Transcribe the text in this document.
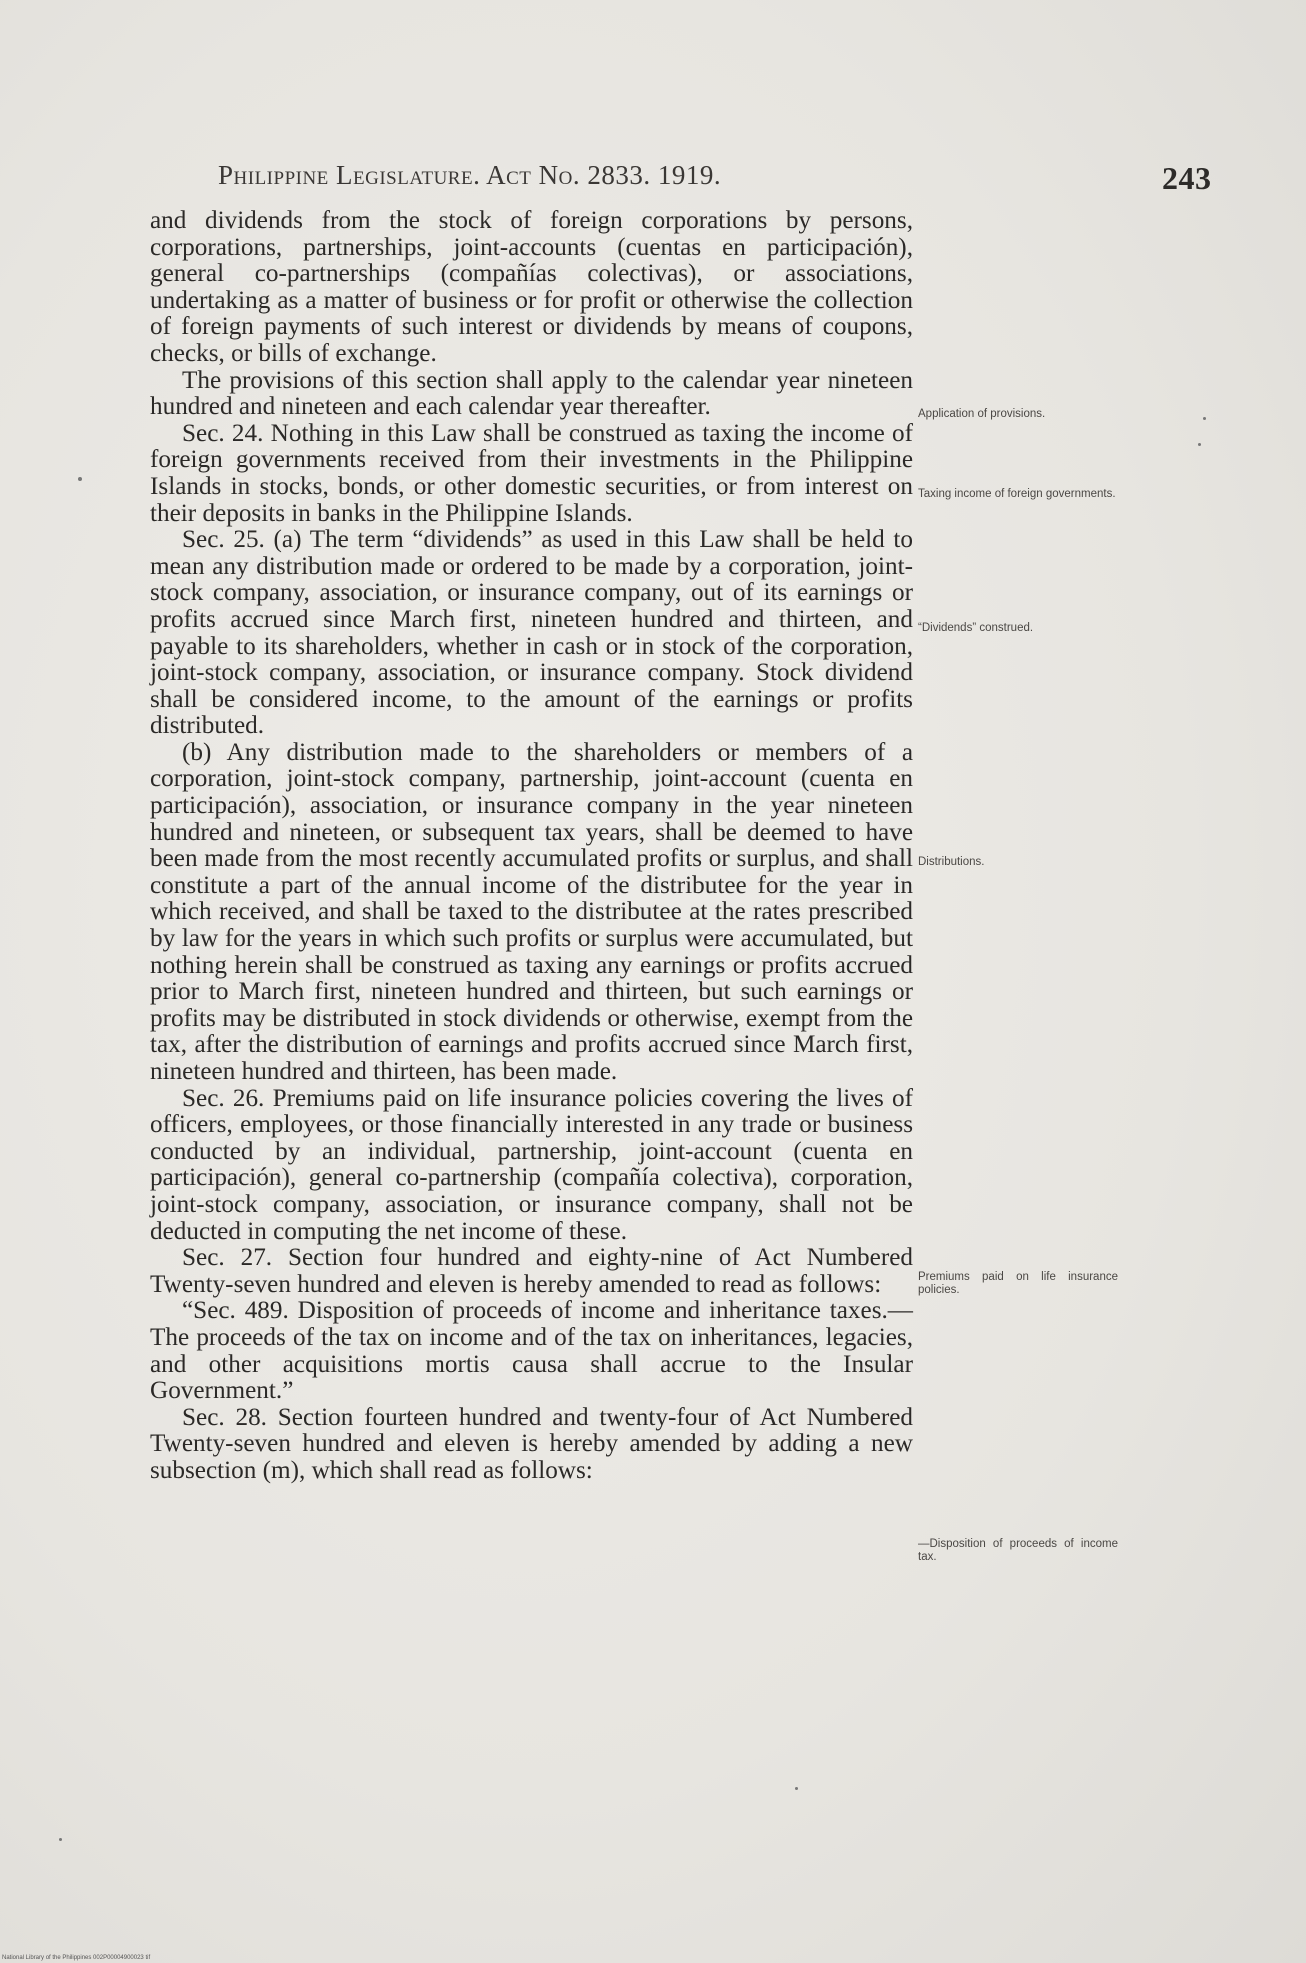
Philippine Legislature. Act No. 2833. 1919.	243

and dividends from the stock of foreign corporations by persons, corporations, partnerships, joint-accounts (cuentas en participación), general co-partnerships (compañías colectivas), or associations, undertaking as a matter of business or for profit or otherwise the collection of foreign payments of such interest or dividends by means of coupons, checks, or bills of exchange.

The provisions of this section shall apply to the calendar year nineteen hundred and nineteen and each calendar year thereafter.

Sec. 24. Nothing in this Law shall be construed as taxing the income of foreign governments received from their investments in the Philippine Islands in stocks, bonds, or other domestic securities, or from interest on their deposits in banks in the Philippine Islands.

Sec. 25. (a) The term “dividends” as used in this Law shall be held to mean any distribution made or ordered to be made by a corporation, joint-stock company, association, or insurance company, out of its earnings or profits accrued since March first, nineteen hundred and thirteen, and payable to its shareholders, whether in cash or in stock of the corporation, joint-stock company, association, or insurance company. Stock dividend shall be considered income, to the amount of the earnings or profits distributed.

(b) Any distribution made to the shareholders or members of a corporation, joint-stock company, partnership, joint-account (cuenta en participación), association, or insurance company in the year nineteen hundred and nineteen, or subsequent tax years, shall be deemed to have been made from the most recently accumulated profits or surplus, and shall constitute a part of the annual income of the distributee for the year in which received, and shall be taxed to the distributee at the rates prescribed by law for the years in which such profits or surplus were accumulated, but nothing herein shall be construed as taxing any earnings or profits accrued prior to March first, nineteen hundred and thirteen, but such earnings or profits may be distributed in stock dividends or otherwise, exempt from the tax, after the distribution of earnings and profits accrued since March first, nineteen hundred and thirteen, has been made.

Sec. 26. Premiums paid on life insurance policies covering the lives of officers, employees, or those financially interested in any trade or business conducted by an individual, partnership, joint-account (cuenta en participación), general co-partnership (compañía colectiva), corporation, joint-stock company, association, or insurance company, shall not be deducted in computing the net income of these.

Sec. 27. Section four hundred and eighty-nine of Act Numbered Twenty-seven hundred and eleven is hereby amended to read as follows:

“Sec. 489. Disposition of proceeds of income and inheritance taxes.—The proceeds of the tax on income and of the tax on inheritances, legacies, and other acquisitions mortis causa shall accrue to the Insular Government.”

Sec. 28. Section fourteen hundred and twenty-four of Act Numbered Twenty-seven hundred and eleven is hereby amended by adding a new subsection (m), which shall read as follows:

Application of provisions.
Taxing income of foreign governments.
“Dividends” construed.
Distributions.
Premiums paid on life insurance policies.
—Disposition of proceeds of income tax.
National Library of the Philippines 002P00004900023 tif
